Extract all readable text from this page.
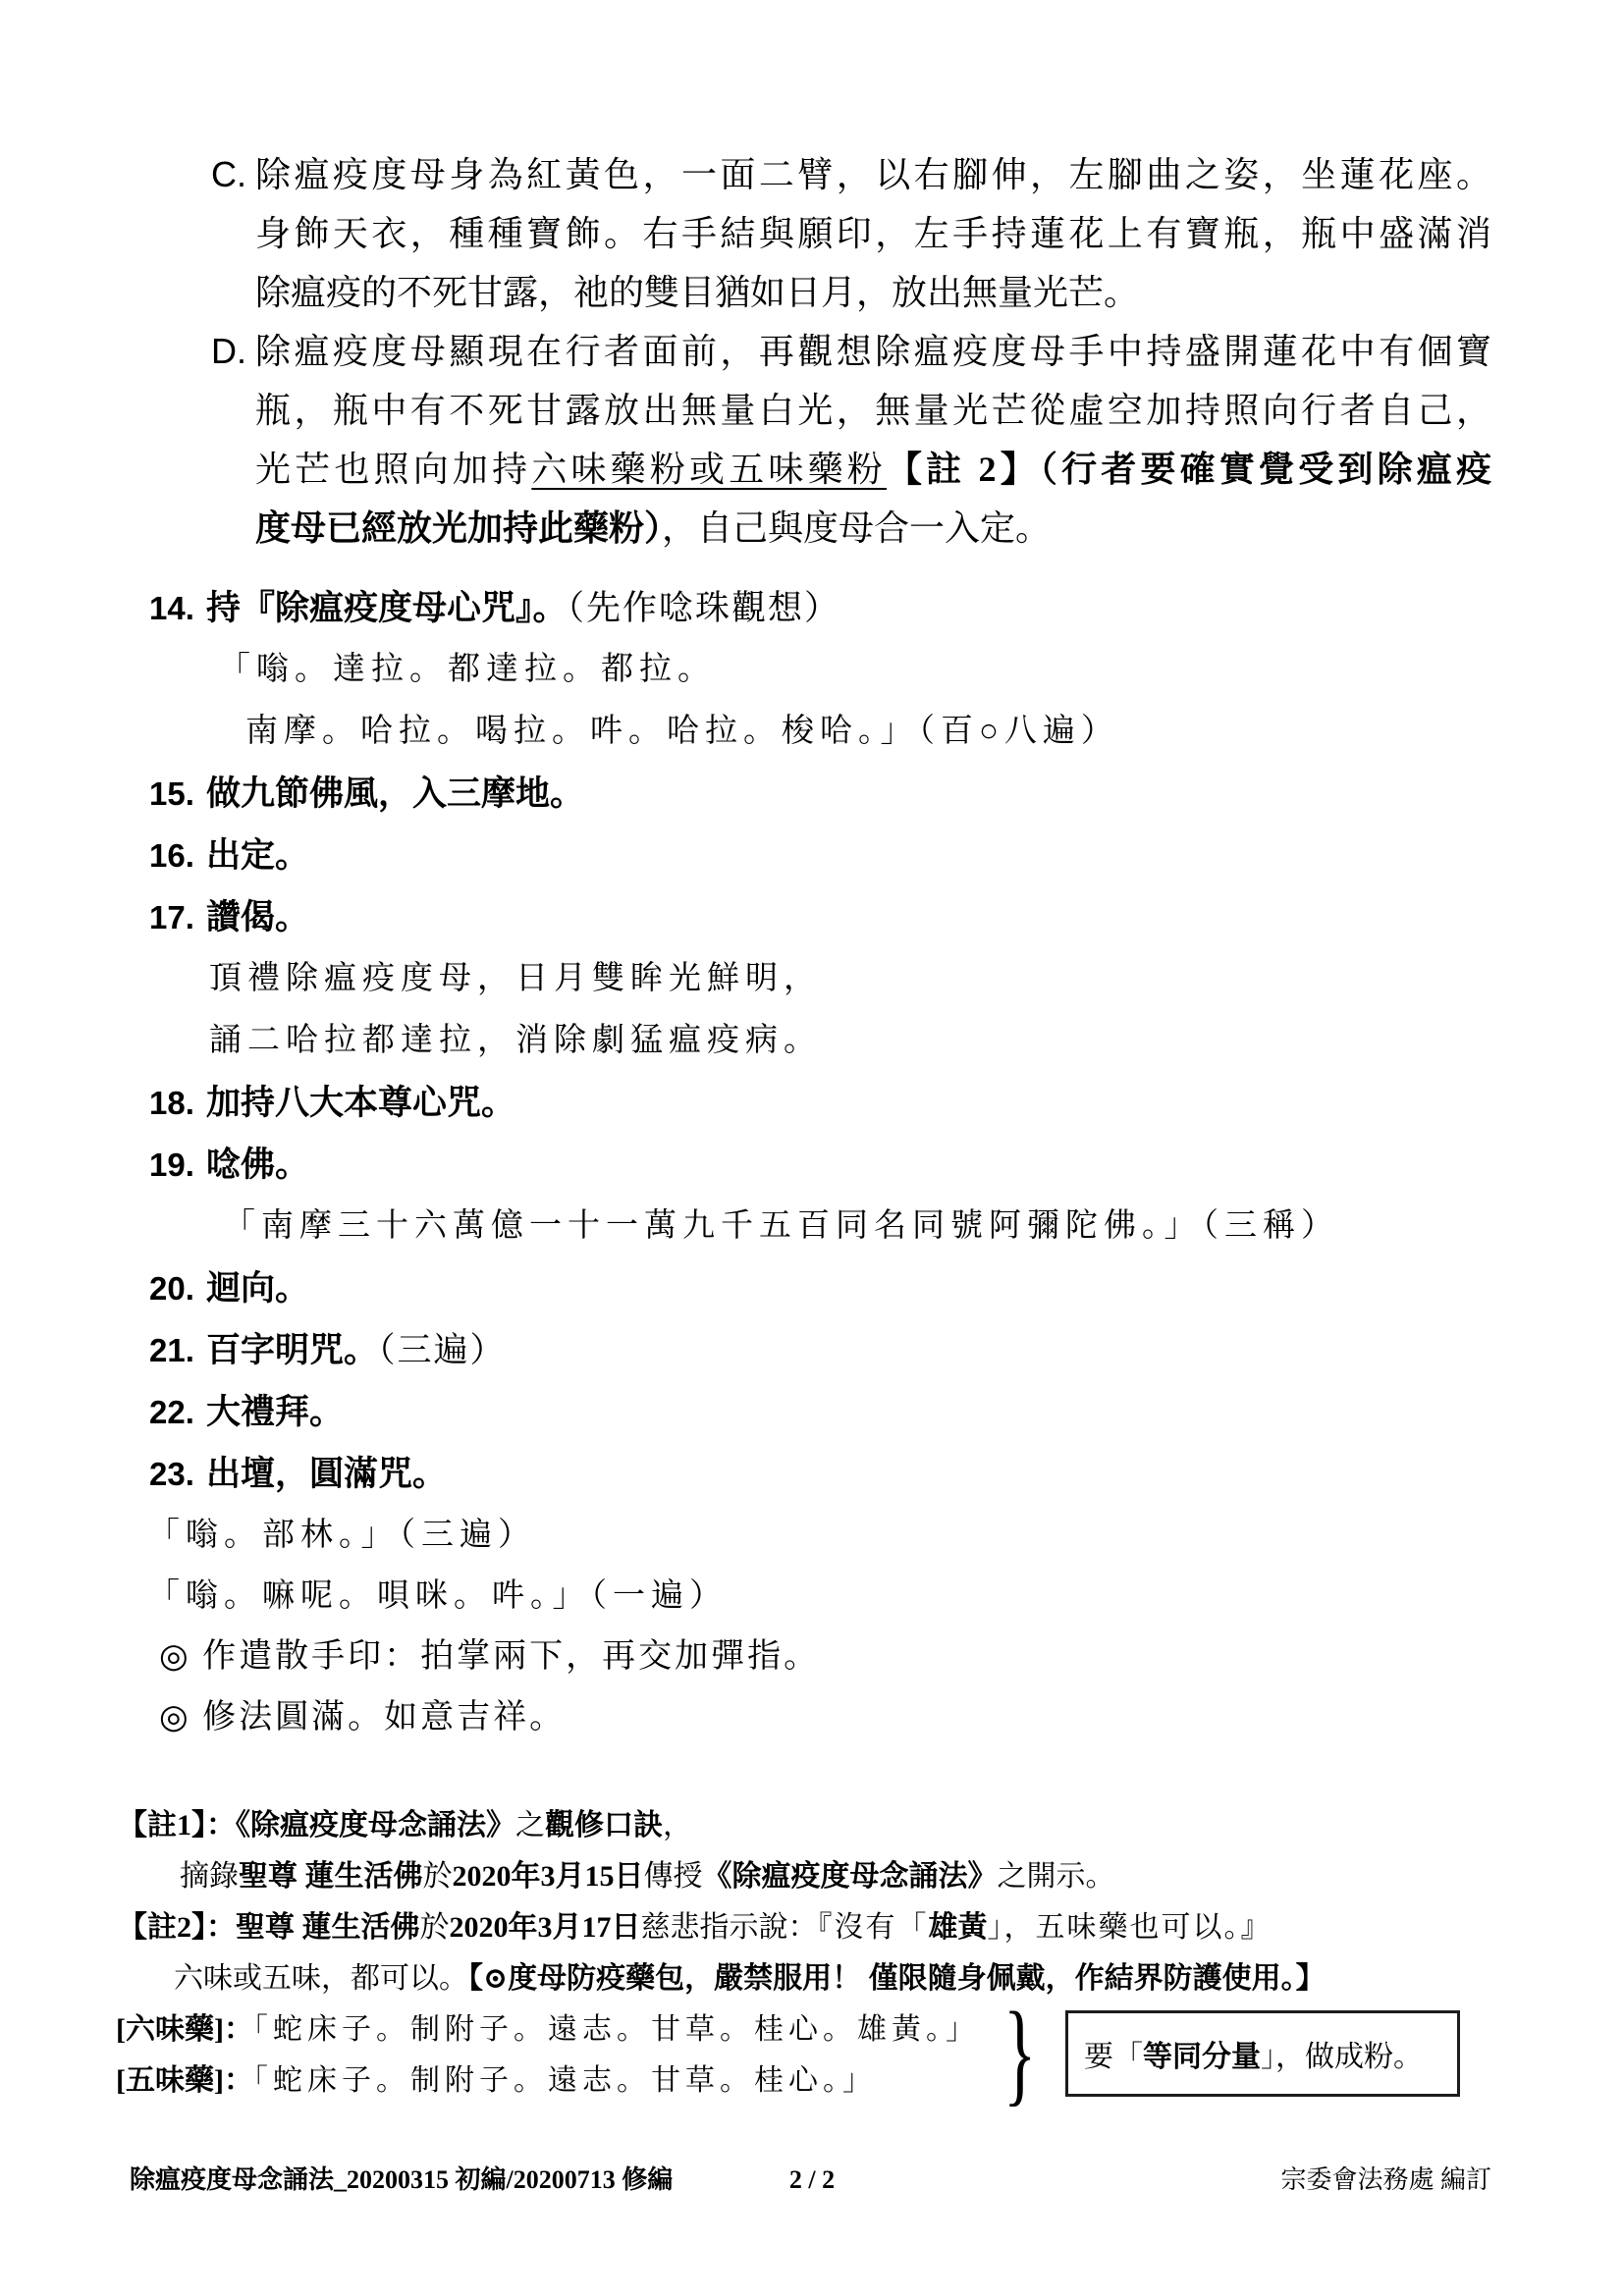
C. 除瘟疫度母身為紅黃色，一面二臂，以右腳伸，左腳曲之姿，坐蓮花座。
身飾天衣，種種寶飾。右手結與願印，左手持蓮花上有寶瓶，瓶中盛滿消
除瘟疫的不死甘露，祂的雙目猶如日月，放出無量光芒。
D. 除瘟疫度母顯現在行者面前，再觀想除瘟疫度母手中持盛開蓮花中有個寶
瓶，瓶中有不死甘露放出無量白光，無量光芒從虛空加持照向行者自己，
光芒也照向加持六味藥粉或五味藥粉【註 2】（行者要確實覺受到除瘟疫
度母已經放光加持此藥粉），自己與度母合一入定。
14. 持『除瘟疫度母心咒』。（先作唸珠觀想）
「嗡。達拉。都達拉。都拉。
南摩。哈拉。喝拉。吽。哈拉。梭哈。」（百○八遍）
15. 做九節佛風，入三摩地。
16. 出定。
17. 讚偈。
頂禮除瘟疫度母，日月雙眸光鮮明，
誦二哈拉都達拉，消除劇猛瘟疫病。
18. 加持八大本尊心咒。
19. 唸佛。
「南摩三十六萬億一十一萬九千五百同名同號阿彌陀佛。」（三稱）
20. 迴向。
21. 百字明咒。（三遍）
22. 大禮拜。
23. 出壇，圓滿咒。
「嗡。部林。」（三遍）
「嗡。嘛呢。唄咪。吽。」（一遍）
◎ 作遣散手印：拍掌兩下，再交加彈指。
◎ 修法圓滿。如意吉祥。
【註1】：《除瘟疫度母念誦法》之觀修口訣，
摘錄聖尊 蓮生活佛於2020年3月15日傳授《除瘟疫度母念誦法》之開示。
【註2】：聖尊 蓮生活佛於2020年3月17日慈悲指示說：『沒有「雄黃」，五味藥也可以。』
六味或五味，都可以。【⊙度母防疫藥包，嚴禁服用！ 僅限隨身佩戴，作結界防護使用。】
[六味藥]：「蛇床子。制附子。遠志。甘草。桂心。雄黃。」
[五味藥]：「蛇床子。制附子。遠志。甘草。桂心。」	} 要「等同分量」，做成粉。
除瘟疫度母念誦法_20200315 初編/20200713 修編	2 / 2	宗委會法務處 編訂
